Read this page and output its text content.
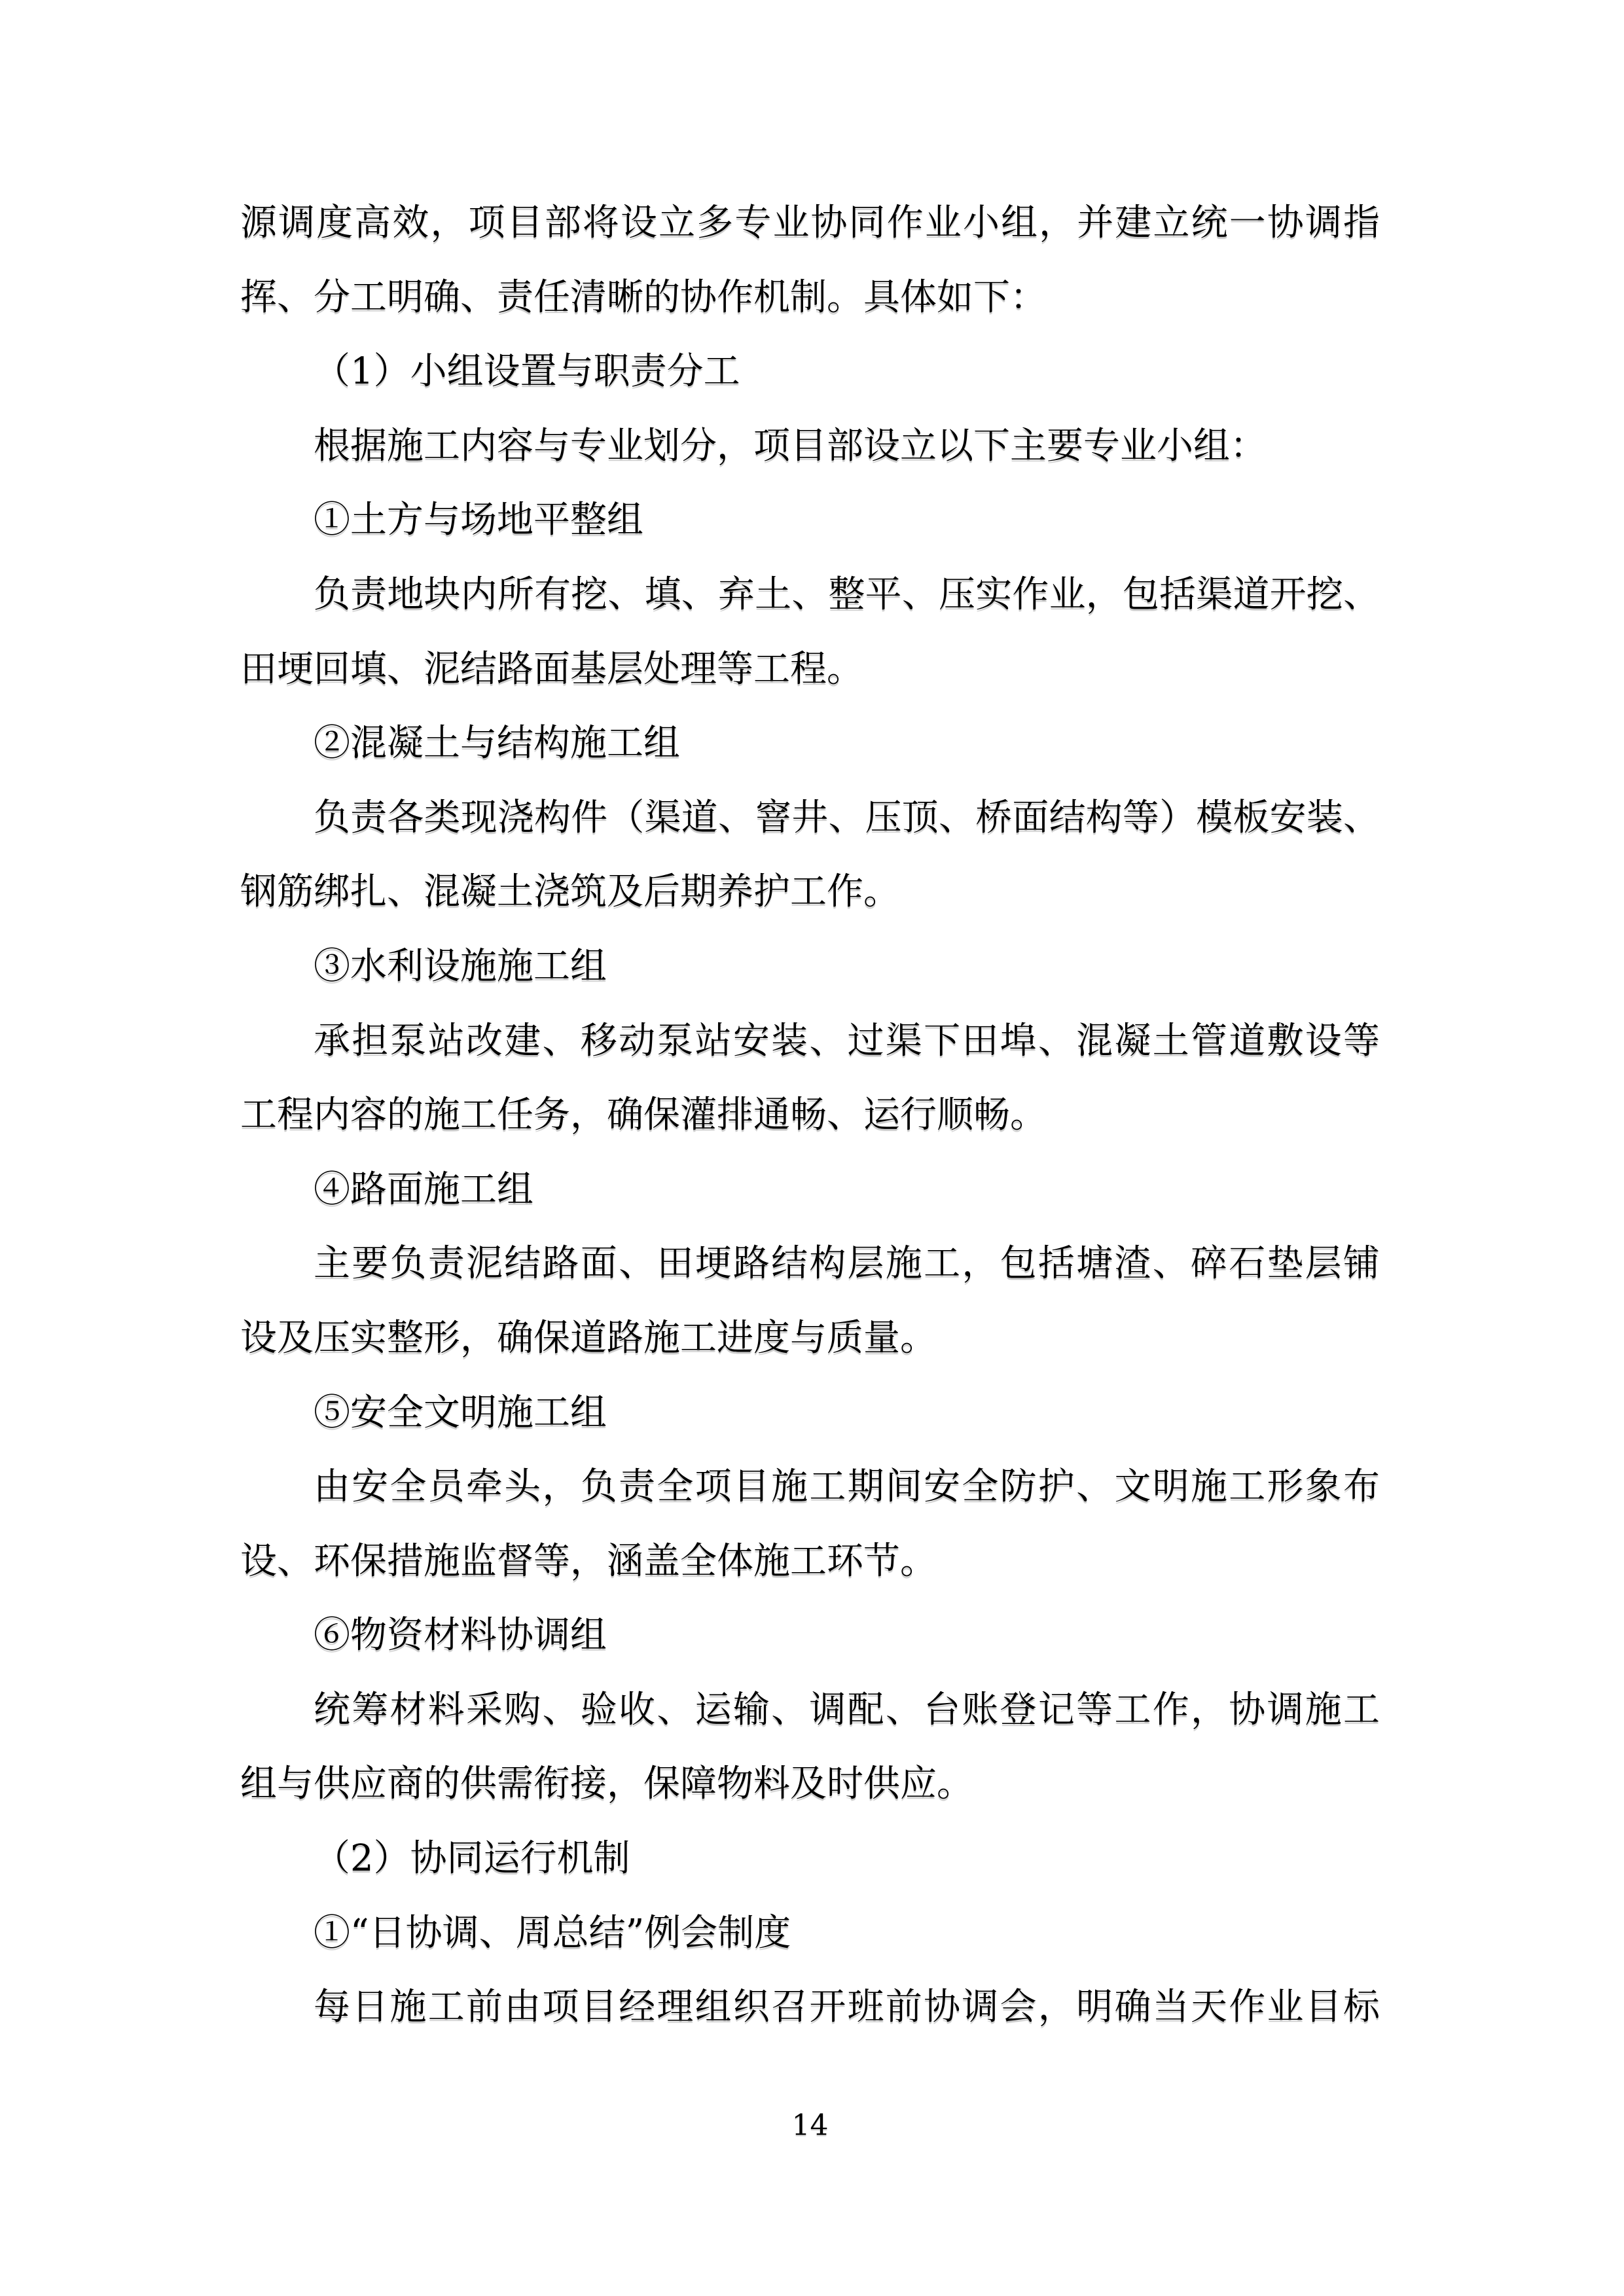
源调度高效，项目部将设立多专业协同作业小组，并建立统一协调指
挥、分工明确、责任清晰的协作机制。具体如下：
（1）小组设置与职责分工
根据施工内容与专业划分，项目部设立以下主要专业小组：
①土方与场地平整组
负责地块内所有挖、填、弃土、整平、压实作业，包括渠道开挖、
田埂回填、泥结路面基层处理等工程。
②混凝土与结构施工组
负责各类现浇构件（渠道、窨井、压顶、桥面结构等）模板安装、
钢筋绑扎、混凝土浇筑及后期养护工作。
③水利设施施工组
承担泵站改建、移动泵站安装、过渠下田埠、混凝土管道敷设等
工程内容的施工任务，确保灌排通畅、运行顺畅。
④路面施工组
主要负责泥结路面、田埂路结构层施工，包括塘渣、碎石垫层铺
设及压实整形，确保道路施工进度与质量。
⑤安全文明施工组
由安全员牵头，负责全项目施工期间安全防护、文明施工形象布
设、环保措施监督等，涵盖全体施工环节。
⑥物资材料协调组
统筹材料采购、验收、运输、调配、台账登记等工作，协调施工
组与供应商的供需衔接，保障物料及时供应。
（2）协同运行机制
①“日协调、周总结”例会制度
每日施工前由项目经理组织召开班前协调会，明确当天作业目标
14
